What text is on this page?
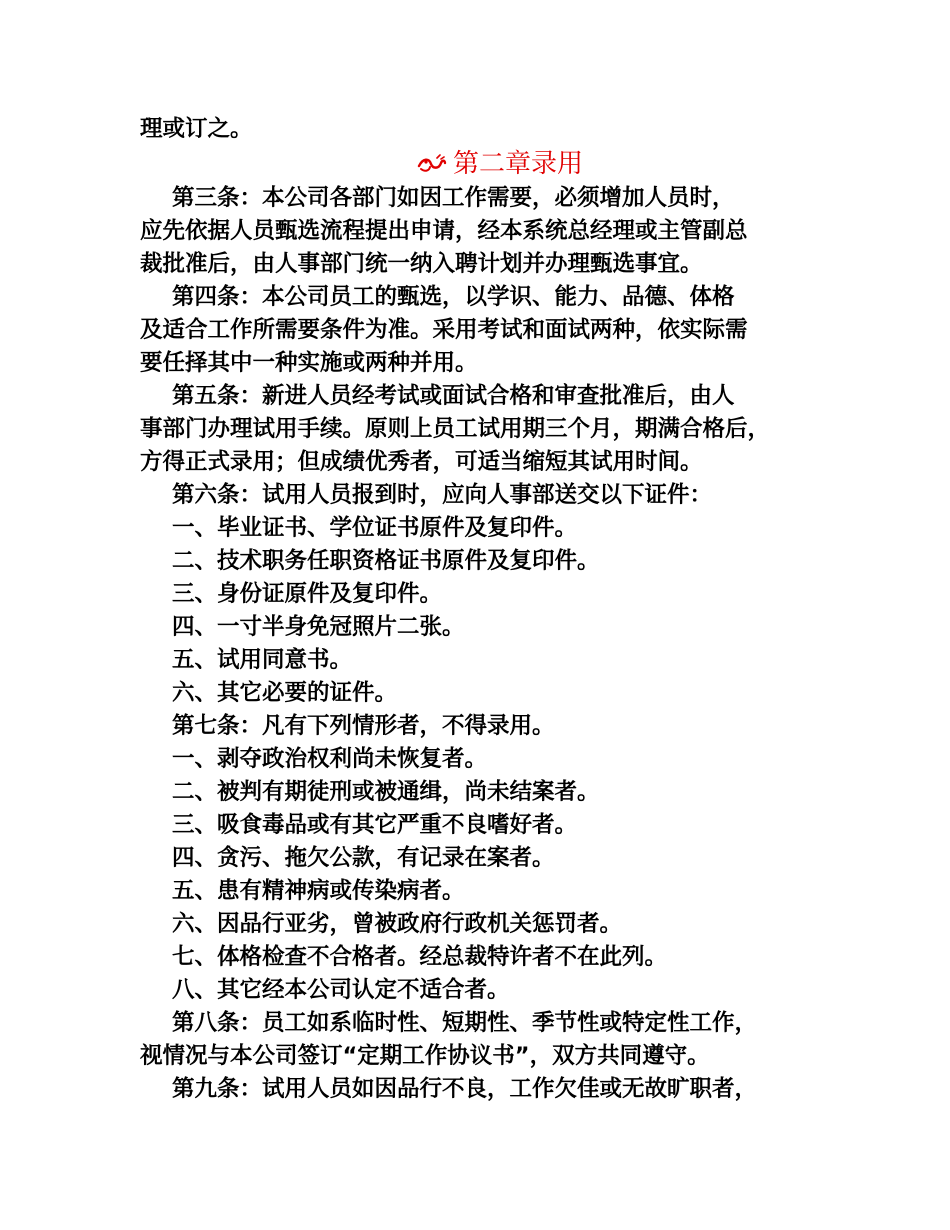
理或订之。

第二章录用

第三条：本公司各部门如因工作需要，必须增加人员时，

应先依据人员甄选流程提出申请，经本系统总经理或主管副总

裁批准后，由人事部门统一纳入聘计划并办理甄选事宜。

第四条：本公司员工的甄选，以学识、能力、品德、体格

及适合工作所需要条件为准。采用考试和面试两种，依实际需

要任择其中一种实施或两种并用。

第五条：新进人员经考试或面试合格和审查批准后，由人

事部门办理试用手续。原则上员工试用期三个月，期满合格后，

方得正式录用；但成绩优秀者，可适当缩短其试用时间。

第六条：试用人员报到时，应向人事部送交以下证件：

一、毕业证书、学位证书原件及复印件。

二、技术职务任职资格证书原件及复印件。

三、身份证原件及复印件。

四、一寸半身免冠照片二张。

五、试用同意书。

六、其它必要的证件。

第七条：凡有下列情形者，不得录用。

一、剥夺政治权利尚未恢复者。

二、被判有期徒刑或被通缉，尚未结案者。

三、吸食毒品或有其它严重不良嗜好者。

四、贪污、拖欠公款，有记录在案者。

五、患有精神病或传染病者。

六、因品行亚劣，曾被政府行政机关惩罚者。

七、体格检查不合格者。经总裁特许者不在此列。

八、其它经本公司认定不适合者。

第八条：员工如系临时性、短期性、季节性或特定性工作，

视情况与本公司签订“定期工作协议书”，双方共同遵守。

第九条：试用人员如因品行不良，工作欠佳或无故旷职者，
